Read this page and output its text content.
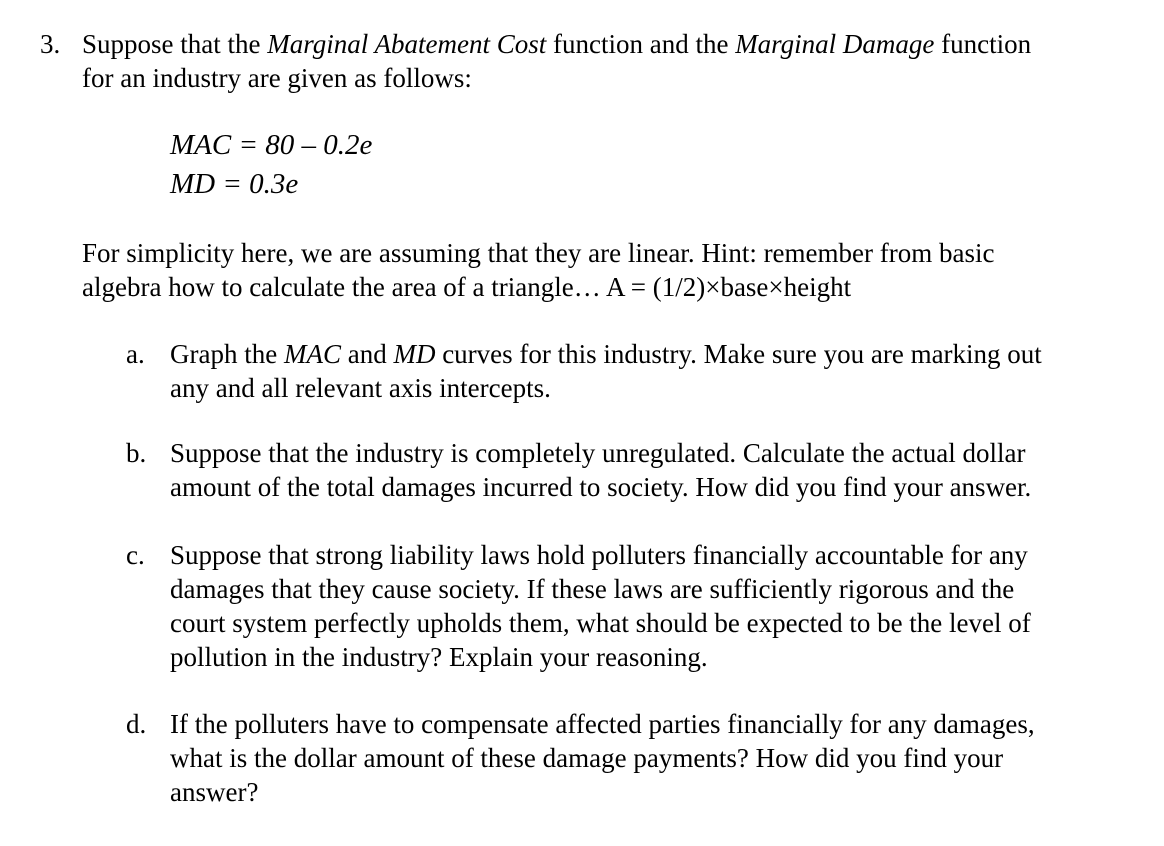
3. Suppose that the Marginal Abatement Cost function and the Marginal Damage function
for an industry are given as follows:
MAC = 80 – 0.2e
MD = 0.3e
For simplicity here, we are assuming that they are linear. Hint: remember from basic
algebra how to calculate the area of a triangle… A = (1/2)×base×height
a. Graph the MAC and MD curves for this industry. Make sure you are marking out
any and all relevant axis intercepts.
b. Suppose that the industry is completely unregulated. Calculate the actual dollar
amount of the total damages incurred to society. How did you find your answer.
c. Suppose that strong liability laws hold polluters financially accountable for any
damages that they cause society. If these laws are sufficiently rigorous and the
court system perfectly upholds them, what should be expected to be the level of
pollution in the industry? Explain your reasoning.
d. If the polluters have to compensate affected parties financially for any damages,
what is the dollar amount of these damage payments? How did you find your
answer?
